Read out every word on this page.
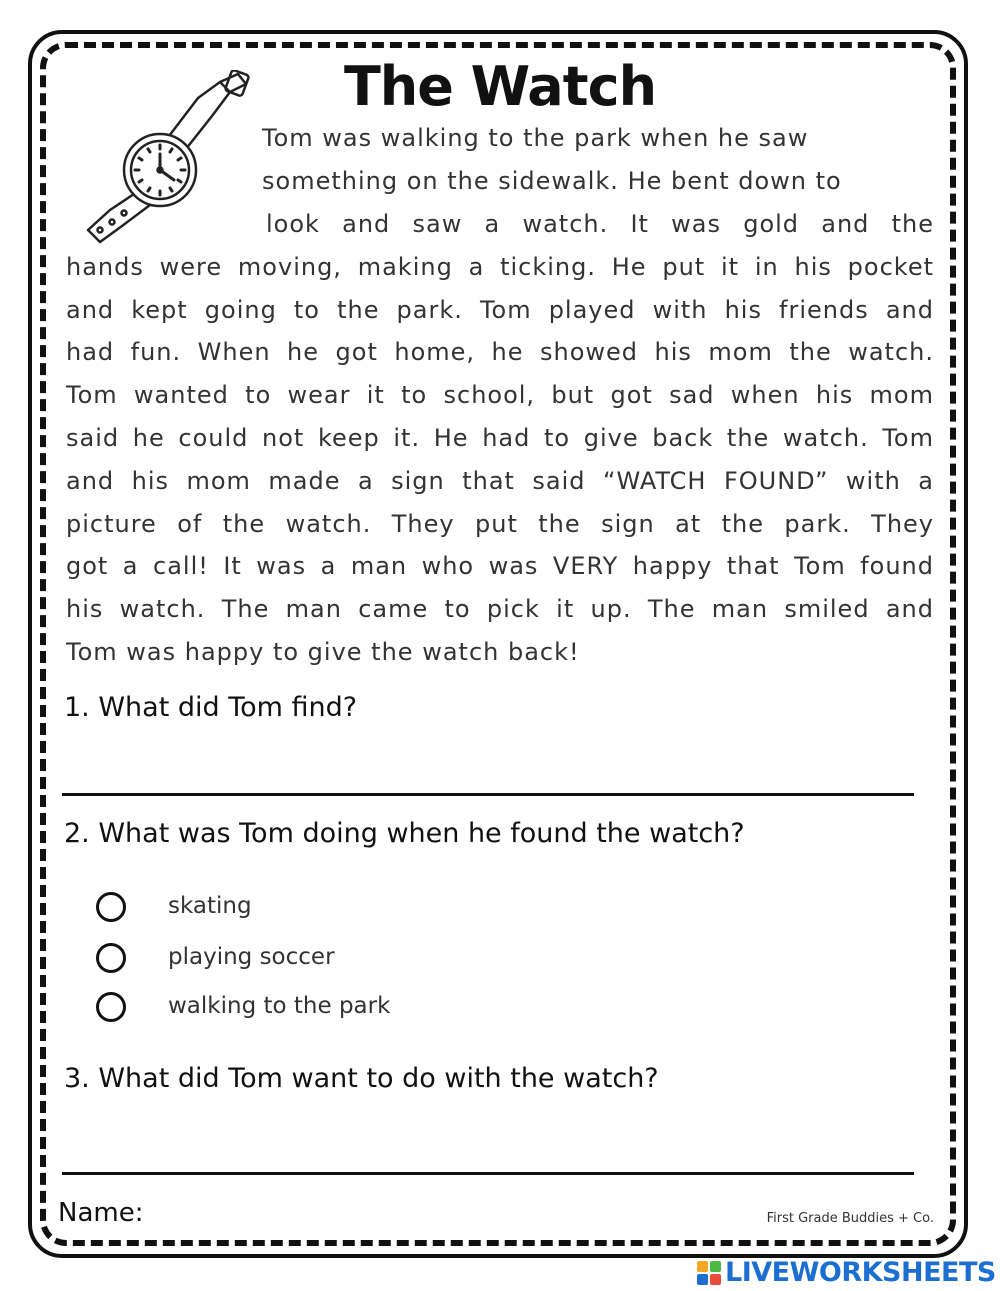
The Watch
Tom was walking to the park when he saw
something on the sidewalk. He bent down to
look and saw a watch. It was gold and the
hands were moving, making a ticking. He put it in his pocket
and kept going to the park. Tom played with his friends and
had fun. When he got home, he showed his mom the watch.
Tom wanted to wear it to school, but got sad when his mom
said he could not keep it. He had to give back the watch. Tom
and his mom made a sign that said “WATCH FOUND” with a
picture of the watch. They put the sign at the park. They
got a call! It was a man who was VERY happy that Tom found
his watch. The man came to pick it up. The man smiled and
Tom was happy to give the watch back!
1. What did Tom find?
2. What was Tom doing when he found the watch?
skating
playing soccer
walking to the park
3. What did Tom want to do with the watch?
Name:	First Grade Buddies + Co.
LIVEWORKSHEETS
